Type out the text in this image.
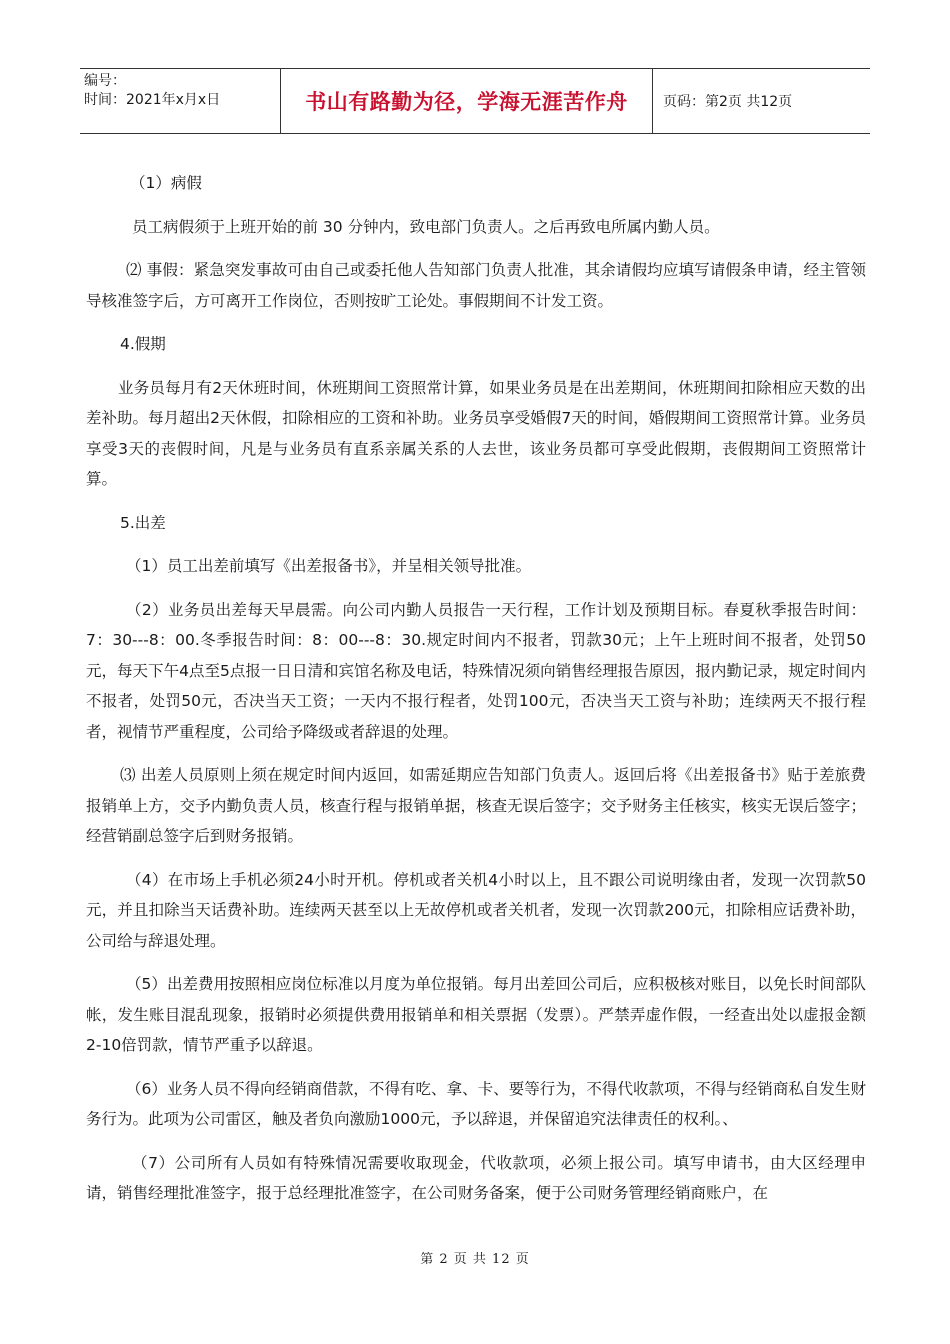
编号：
时间：2021年x月x日	书山有路勤为径，学海无涯苦作舟	页码：第2页 共12页

（1）病假

员工病假须于上班开始的前 30 分钟内，致电部门负责人。之后再致电所属内勤人员。

⑵ 事假：紧急突发事故可由自己或委托他人告知部门负责人批准，其余请假均应填写请假条申请，经主管领导核准签字后，方可离开工作岗位，否则按旷工论处。事假期间不计发工资。

4.假期

业务员每月有2天休班时间，休班期间工资照常计算，如果业务员是在出差期间，休班期间扣除相应天数的出差补助。每月超出2天休假，扣除相应的工资和补助。业务员享受婚假7天的时间，婚假期间工资照常计算。业务员享受3天的丧假时间，凡是与业务员有直系亲属关系的人去世，该业务员都可享受此假期，丧假期间工资照常计算。

5.出差

（1）员工出差前填写《出差报备书》，并呈相关领导批准。

（2）业务员出差每天早晨需。向公司内勤人员报告一天行程，工作计划及预期目标。春夏秋季报告时间：7：30---8：00.冬季报告时间：8：00---8：30.规定时间内不报者，罚款30元；上午上班时间不报者，处罚50元，每天下午4点至5点报一日日清和宾馆名称及电话，特殊情况须向销售经理报告原因，报内勤记录，规定时间内不报者，处罚50元，否决当天工资；一天内不报行程者，处罚100元，否决当天工资与补助；连续两天不报行程者，视情节严重程度，公司给予降级或者辞退的处理。

⑶ 出差人员原则上须在规定时间内返回，如需延期应告知部门负责人。返回后将《出差报备书》贴于差旅费报销单上方，交予内勤负责人员，核查行程与报销单据，核查无误后签字；交予财务主任核实，核实无误后签字；经营销副总签字后到财务报销。

（4）在市场上手机必须24小时开机。停机或者关机4小时以上，且不跟公司说明缘由者，发现一次罚款50元，并且扣除当天话费补助。连续两天甚至以上无故停机或者关机者，发现一次罚款200元，扣除相应话费补助，公司给与辞退处理。

（5）出差费用按照相应岗位标准以月度为单位报销。每月出差回公司后，应积极核对账目，以免长时间部队帐，发生账目混乱现象，报销时必须提供费用报销单和相关票据（发票）。严禁弄虚作假，一经查出处以虚报金额2-10倍罚款，情节严重予以辞退。

（6）业务人员不得向经销商借款，不得有吃、拿、卡、要等行为，不得代收款项，不得与经销商私自发生财务行为。此项为公司雷区，触及者负向激励1000元，予以辞退，并保留追究法律责任的权利。、

（7）公司所有人员如有特殊情况需要收取现金，代收款项，必须上报公司。填写申请书，由大区经理申请，销售经理批准签字，报于总经理批准签字，在公司财务备案，便于公司财务管理经销商账户，在

第 2 页 共 12 页
